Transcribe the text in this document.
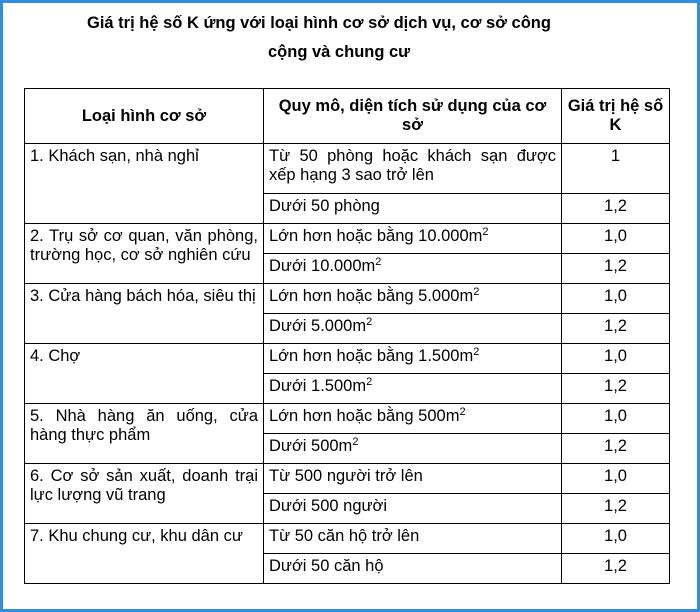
Giá trị hệ số K ứng với loại hình cơ sở dịch vụ, cơ sở công
cộng và chung cư
Loại hình cơ sở	Quy mô, diện tích sử dụng của cơ sở	Giá trị hệ số K
1. Khách sạn, nhà nghỉ	Từ 50 phòng hoặc khách sạn được xếp hạng 3 sao trở lên	1
	Dưới 50 phòng	1,2
2. Trụ sở cơ quan, văn phòng, trường học, cơ sở nghiên cứu	Lớn hơn hoặc bằng $10.000m^2$	1,0
	Dưới $10.000m^2$	1,2
3. Cửa hàng bách hóa, siêu thị	Lớn hơn hoặc bằng $5.000m^2$	1,0
	Dưới $5.000m^2$	1,2
4. Chợ	Lớn hơn hoặc bằng $1.500m^2$	1,0
	Dưới $1.500m^2$	1,2
5. Nhà hàng ăn uống, cửa hàng thực phẩm	Lớn hơn hoặc bằng $500m^2$	1,0
	Dưới $500m^2$	1,2
6. Cơ sở sản xuất, doanh trại lực lượng vũ trang	Từ 500 người trở lên	1,0
	Dưới 500 người	1,2
7. Khu chung cư, khu dân cư	Từ 50 căn hộ trở lên	1,0
	Dưới 50 căn hộ	1,2
